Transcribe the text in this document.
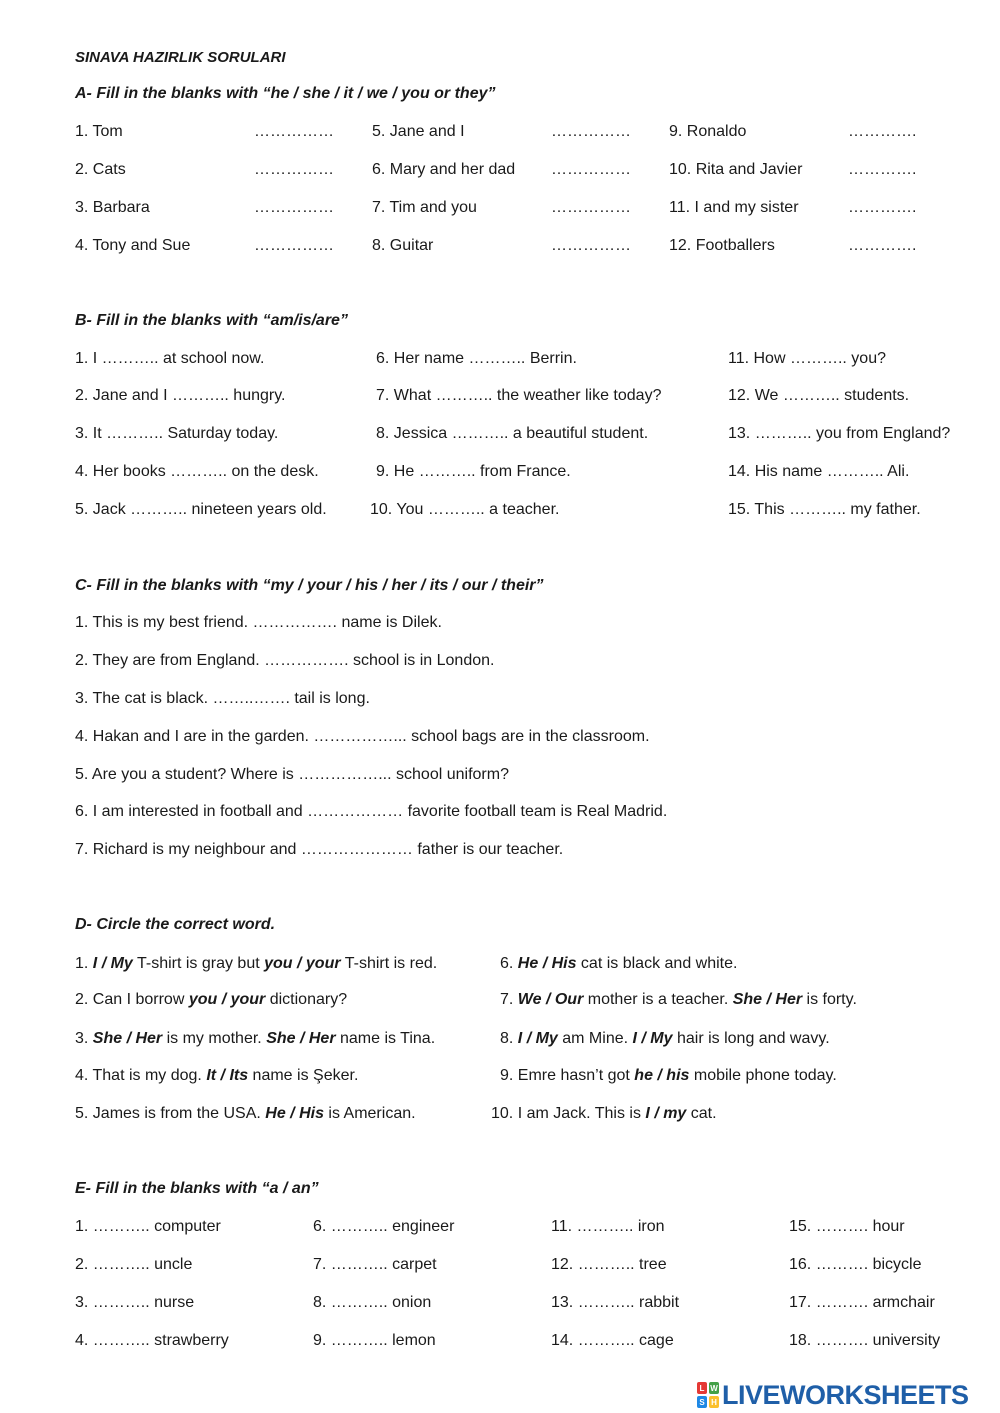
SINAVA HAZIRLIK SORULARI
A- Fill in the blanks with “he / she / it / we / you or they”
1. Tom	…………… 5. Jane and I	…………… 9. Ronaldo	………….
2. Cats	…………… 6. Mary and her dad …………… 10. Rita and Javier	………….
3. Barbara	…………… 7. Tim and you	…………… 11. I and my sister	………….
4. Tony and Sue	…………… 8. Guitar	…………… 12. Footballers	………….
B- Fill in the blanks with “am/is/are”
1. I ……….. at school now.	6. Her name ……….. Berrin.	11. How ……….. you?
2. Jane and I ……….. hungry.	7. What ……….. the weather like today?	12. We ……….. students.
3. It ……….. Saturday today.	8. Jessica ……….. a beautiful student.	13. ……….. you from England?
4. Her books ……….. on the desk.	9. He ……….. from France.	14. His name ……….. Ali.
5. Jack ……….. nineteen years old.	10. You ……….. a teacher.	15. This ……….. my father.
C- Fill in the blanks with “my / your / his / her / its / our / their”
1. This is my best friend. ……………. name is Dilek.
2. They are from England. ……………. school is in London.
3. The cat is black. ……..……. tail is long.
4. Hakan and I are in the garden. ……………... school bags are in the classroom.
5. Are you a student? Where is ……………... school uniform?
6. I am interested in football and ……………… favorite football team is Real Madrid.
7. Richard is my neighbour and ………………… father is our teacher.
D- Circle the correct word.
1. I / My T-shirt is gray but you / your T-shirt is red.
2. Can I borrow you / your dictionary?
3. She / Her is my mother. She / Her name is Tina.
4. That is my dog. It / Its name is Şeker.
5. James is from the USA. He / His is American.
6. He / His cat is black and white.
7. We / Our mother is a teacher. She / Her is forty.
8. I / My am Mine. I / My hair is long and wavy.
9. Emre hasn’t got he / his mobile phone today.
10. I am Jack. This is I / my cat.
E- Fill in the blanks with “a / an”
1. ……….. computer	6. ……….. engineer	11. ……….. iron	15. ………. hour
2. ……….. uncle	7. ……….. carpet	12. ……….. tree	16. ………. bicycle
3. ……….. nurse	8. ……….. onion	13. ……….. rabbit	17. ………. armchair
4. ……….. strawberry	9. ……….. lemon	14. ……….. cage	18. ………. university
L W
S H LIVEWORKSHEETS
